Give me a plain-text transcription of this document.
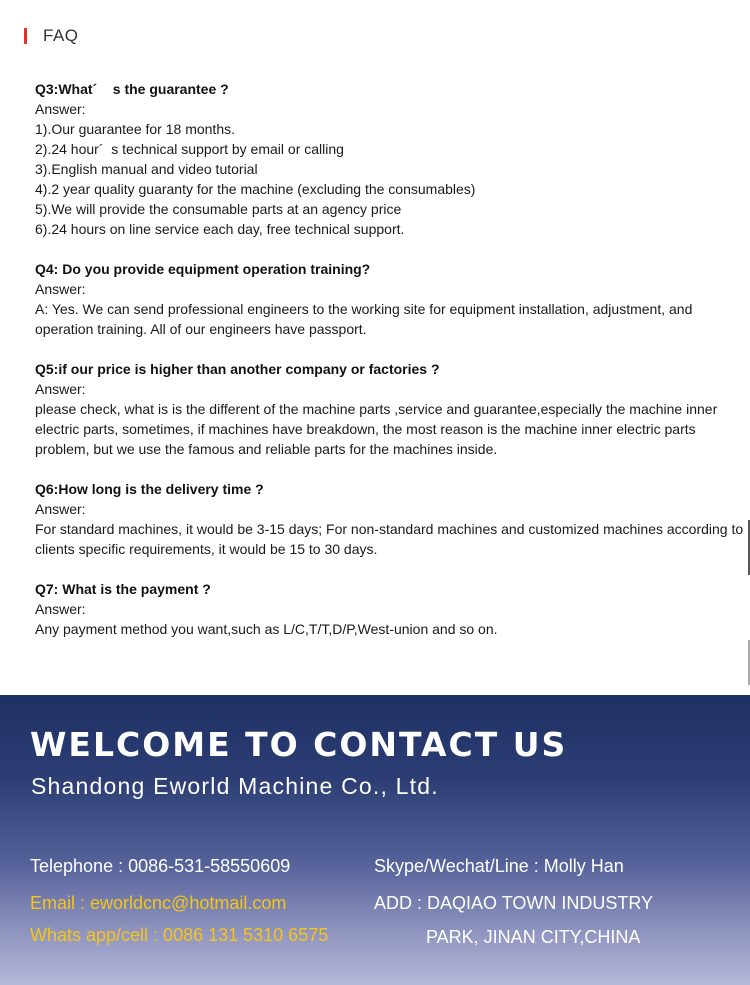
FAQ
Q3:What´    s the guarantee ?
Answer:
1).Our guarantee for 18 months.
2).24 hour´  s technical support by email or calling
3).English manual and video tutorial
4).2 year quality guaranty for the machine (excluding the consumables)
5).We will provide the consumable parts at an agency price
6).24 hours on line service each day, free technical support.
Q4: Do you provide equipment operation training?
Answer:
A: Yes. We can send professional engineers to the working site for equipment installation, adjustment, and operation training. All of our engineers have passport.
Q5:if our price is higher than another company or factories ?
Answer:
please check, what is is the different of the machine parts ,service and guarantee,especially the machine inner electric parts, sometimes, if machines have breakdown, the most reason is the machine inner electric parts problem, but we use the famous and reliable parts for the machines inside.
Q6:How long is the delivery time ?
Answer:
For standard machines, it would be 3-15 days; For non-standard machines and customized machines according to clients specific requirements, it would be 15 to 30 days.
Q7: What is the payment ?
Answer:
Any payment method you want,such as L/C,T/T,D/P,West-union and so on.
WELCOME TO CONTACT US
Shandong Eworld Machine Co., Ltd.
Telephone : 0086-531-58550609	Skype/Wechat/Line : Molly Han
Email : eworldcnc@hotmail.com	ADD : DAQIAO TOWN INDUSTRY
Whats app/cell : 0086 131 5310 6575	PARK, JINAN CITY,CHINA
